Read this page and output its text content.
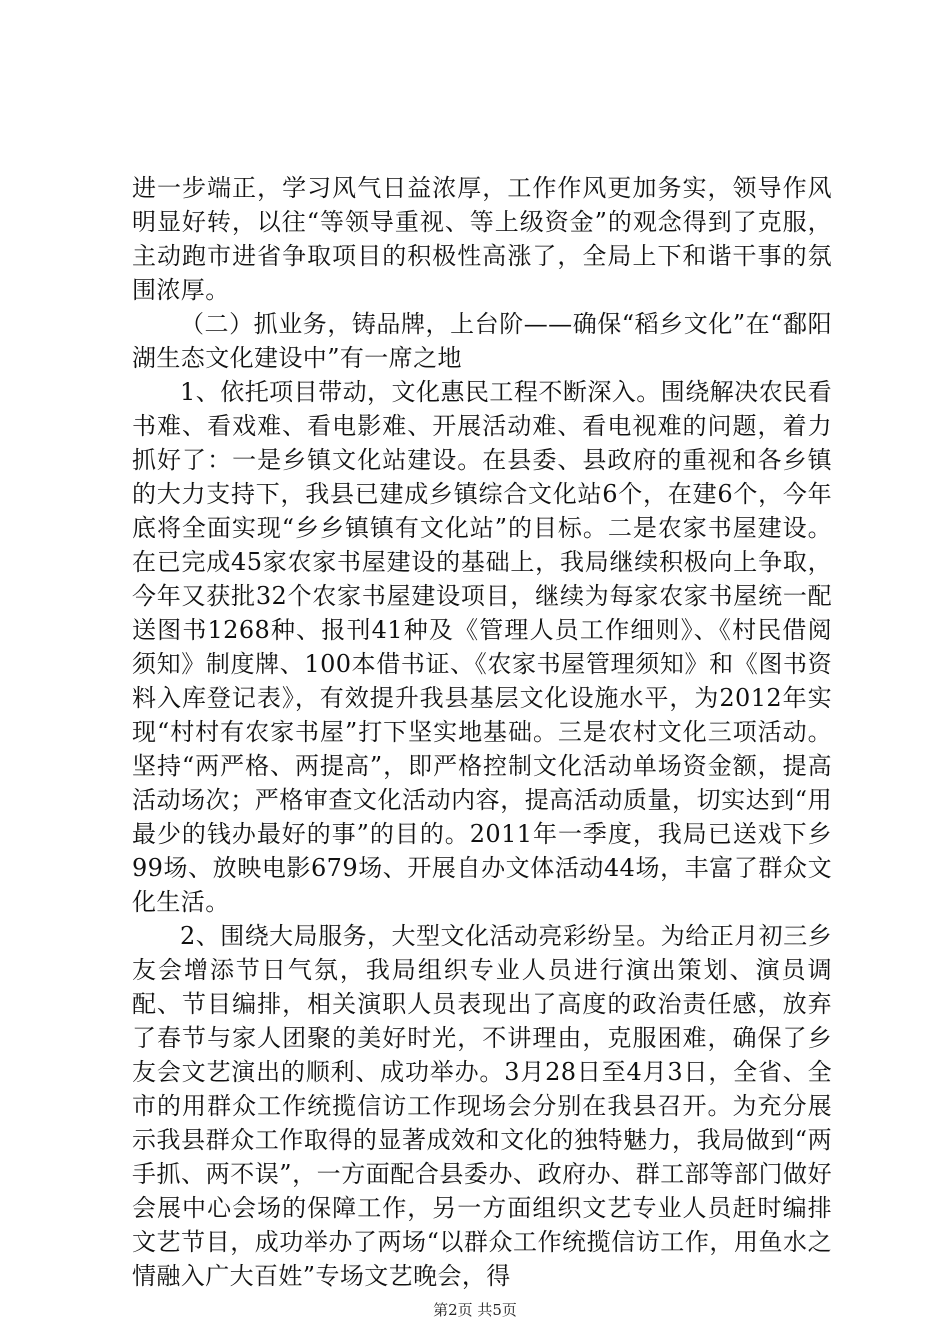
进一步端正，学习风气日益浓厚，工作作风更加务实，领导作风明显好转，以往“等领导重视、等上级资金”的观念得到了克服，主动跑市进省争取项目的积极性高涨了，全局上下和谐干事的氛围浓厚。

（二）抓业务，铸品牌，上台阶——确保“稻乡文化”在“鄱阳湖生态文化建设中”有一席之地

1、依托项目带动，文化惠民工程不断深入。围绕解决农民看书难、看戏难、看电影难、开展活动难、看电视难的问题，着力抓好了：一是乡镇文化站建设。在县委、县政府的重视和各乡镇的大力支持下，我县已建成乡镇综合文化站6个，在建6个，今年底将全面实现“乡乡镇镇有文化站”的目标。二是农家书屋建设。在已完成45家农家书屋建设的基础上，我局继续积极向上争取，今年又获批32个农家书屋建设项目，继续为每家农家书屋统一配送图书1268种、报刊41种及《管理人员工作细则》、《村民借阅须知》制度牌、100本借书证、《农家书屋管理须知》和《图书资料入库登记表》，有效提升我县基层文化设施水平，为2012年实现“村村有农家书屋”打下坚实地基础。三是农村文化三项活动。坚持“两严格、两提高”，即严格控制文化活动单场资金额，提高活动场次；严格审查文化活动内容，提高活动质量，切实达到“用最少的钱办最好的事”的目的。2011年一季度，我局已送戏下乡99场、放映电影679场、开展自办文体活动44场，丰富了群众文化生活。

2、围绕大局服务，大型文化活动亮彩纷呈。为给正月初三乡友会增添节日气氛，我局组织专业人员进行演出策划、演员调配、节目编排，相关演职人员表现出了高度的政治责任感，放弃了春节与家人团聚的美好时光，不讲理由，克服困难，确保了乡友会文艺演出的顺利、成功举办。3月28日至4月3日，全省、全市的用群众工作统揽信访工作现场会分别在我县召开。为充分展示我县群众工作取得的显著成效和文化的独特魅力，我局做到“两手抓、两不误”，一方面配合县委办、政府办、群工部等部门做好会展中心会场的保障工作，另一方面组织文艺专业人员赶时编排文艺节目，成功举办了两场“以群众工作统揽信访工作，用鱼水之情融入广大百姓”专场文艺晚会，得

第2页 共5页
